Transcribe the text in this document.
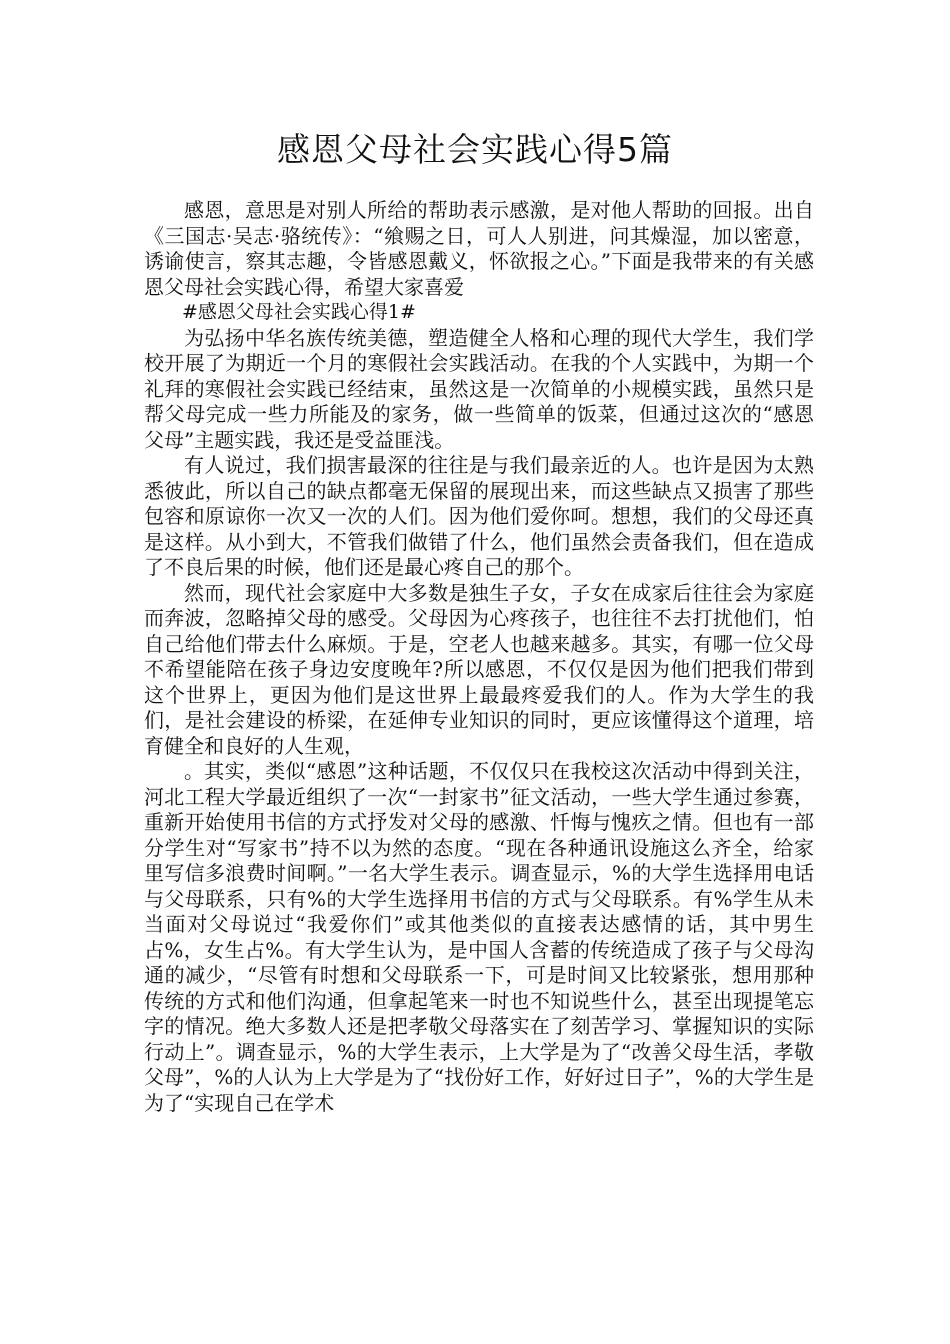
感恩父母社会实践心得5篇

感恩，意思是对别人所给的帮助表示感激，是对他人帮助的回报。出自《三国志·吴志·骆统传》：“飨赐之日，可人人别进，问其燥湿，加以密意，诱谕使言，察其志趣，令皆感恩戴义，怀欲报之心。”下面是我带来的有关感恩父母社会实践心得，希望大家喜爱

#感恩父母社会实践心得1#

为弘扬中华名族传统美德，塑造健全人格和心理的现代大学生，我们学校开展了为期近一个月的寒假社会实践活动。在我的个人实践中，为期一个礼拜的寒假社会实践已经结束，虽然这是一次简单的小规模实践，虽然只是帮父母完成一些力所能及的家务，做一些简单的饭菜，但通过这次的“感恩父母”主题实践，我还是受益匪浅。

有人说过，我们损害最深的往往是与我们最亲近的人。也许是因为太熟悉彼此，所以自己的缺点都毫无保留的展现出来，而这些缺点又损害了那些包容和原谅你一次又一次的人们。因为他们爱你呵。想想，我们的父母还真是这样。从小到大，不管我们做错了什么，他们虽然会责备我们，但在造成了不良后果的时候，他们还是最心疼自己的那个。

然而，现代社会家庭中大多数是独生子女，子女在成家后往往会为家庭而奔波，忽略掉父母的感受。父母因为心疼孩子，也往往不去打扰他们，怕自己给他们带去什么麻烦。于是，空老人也越来越多。其实，有哪一位父母不希望能陪在孩子身边安度晚年?所以感恩，不仅仅是因为他们把我们带到这个世界上，更因为他们是这世界上最最疼爱我们的人。作为大学生的我们，是社会建设的桥梁，在延伸专业知识的同时，更应该懂得这个道理，培育健全和良好的人生观，

。其实，类似“感恩”这种话题，不仅仅只在我校这次活动中得到关注，河北工程大学最近组织了一次“一封家书”征文活动，一些大学生通过参赛，重新开始使用书信的方式抒发对父母的感激、忏悔与愧疚之情。但也有一部分学生对“写家书”持不以为然的态度。“现在各种通讯设施这么齐全，给家里写信多浪费时间啊。”一名大学生表示。调查显示，%的大学生选择用电话与父母联系，只有%的大学生选择用书信的方式与父母联系。有%学生从未当面对父母说过“我爱你们”或其他类似的直接表达感情的话，其中男生占%，女生占%。有大学生认为，是中国人含蓄的传统造成了孩子与父母沟通的减少，“尽管有时想和父母联系一下，可是时间又比较紧张，想用那种传统的方式和他们沟通，但拿起笔来一时也不知说些什么，甚至出现提笔忘字的情况。绝大多数人还是把孝敬父母落实在了刻苦学习、掌握知识的实际行动上”。调查显示，%的大学生表示，上大学是为了“改善父母生活，孝敬父母”，%的人认为上大学是为了“找份好工作，好好过日子”，%的大学生是为了“实现自己在学术
